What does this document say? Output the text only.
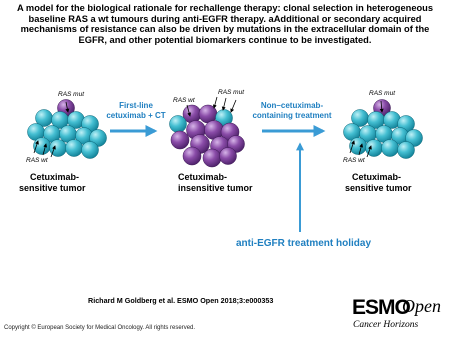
A model for the biological rationale for rechallenge therapy: clonal selection in heterogeneous baseline RAS a wt tumours during anti-EGFR therapy. aAdditional or secondary acquired mechanisms of resistance can also be driven by mutations in the extracellular domain of the EGFR, and other potential biomarkers continue to be investigated.
RAS mut
RAS wt
RAS wt
RAS mut	RAS mut
RAS wt
First-line
cetuximab + CT
Non–cetuximab-
containing treatment
anti-EGFR treatment holiday
Cetuximab-
sensitive tumor
Cetuximab-
insensitive tumor
Cetuximab-
sensitive tumor
Richard M Goldberg et al. ESMO Open 2018;3:e000353
Copyright © European Society for Medical Oncology. All rights reserved.
ESMO
Open
Cancer Horizons
